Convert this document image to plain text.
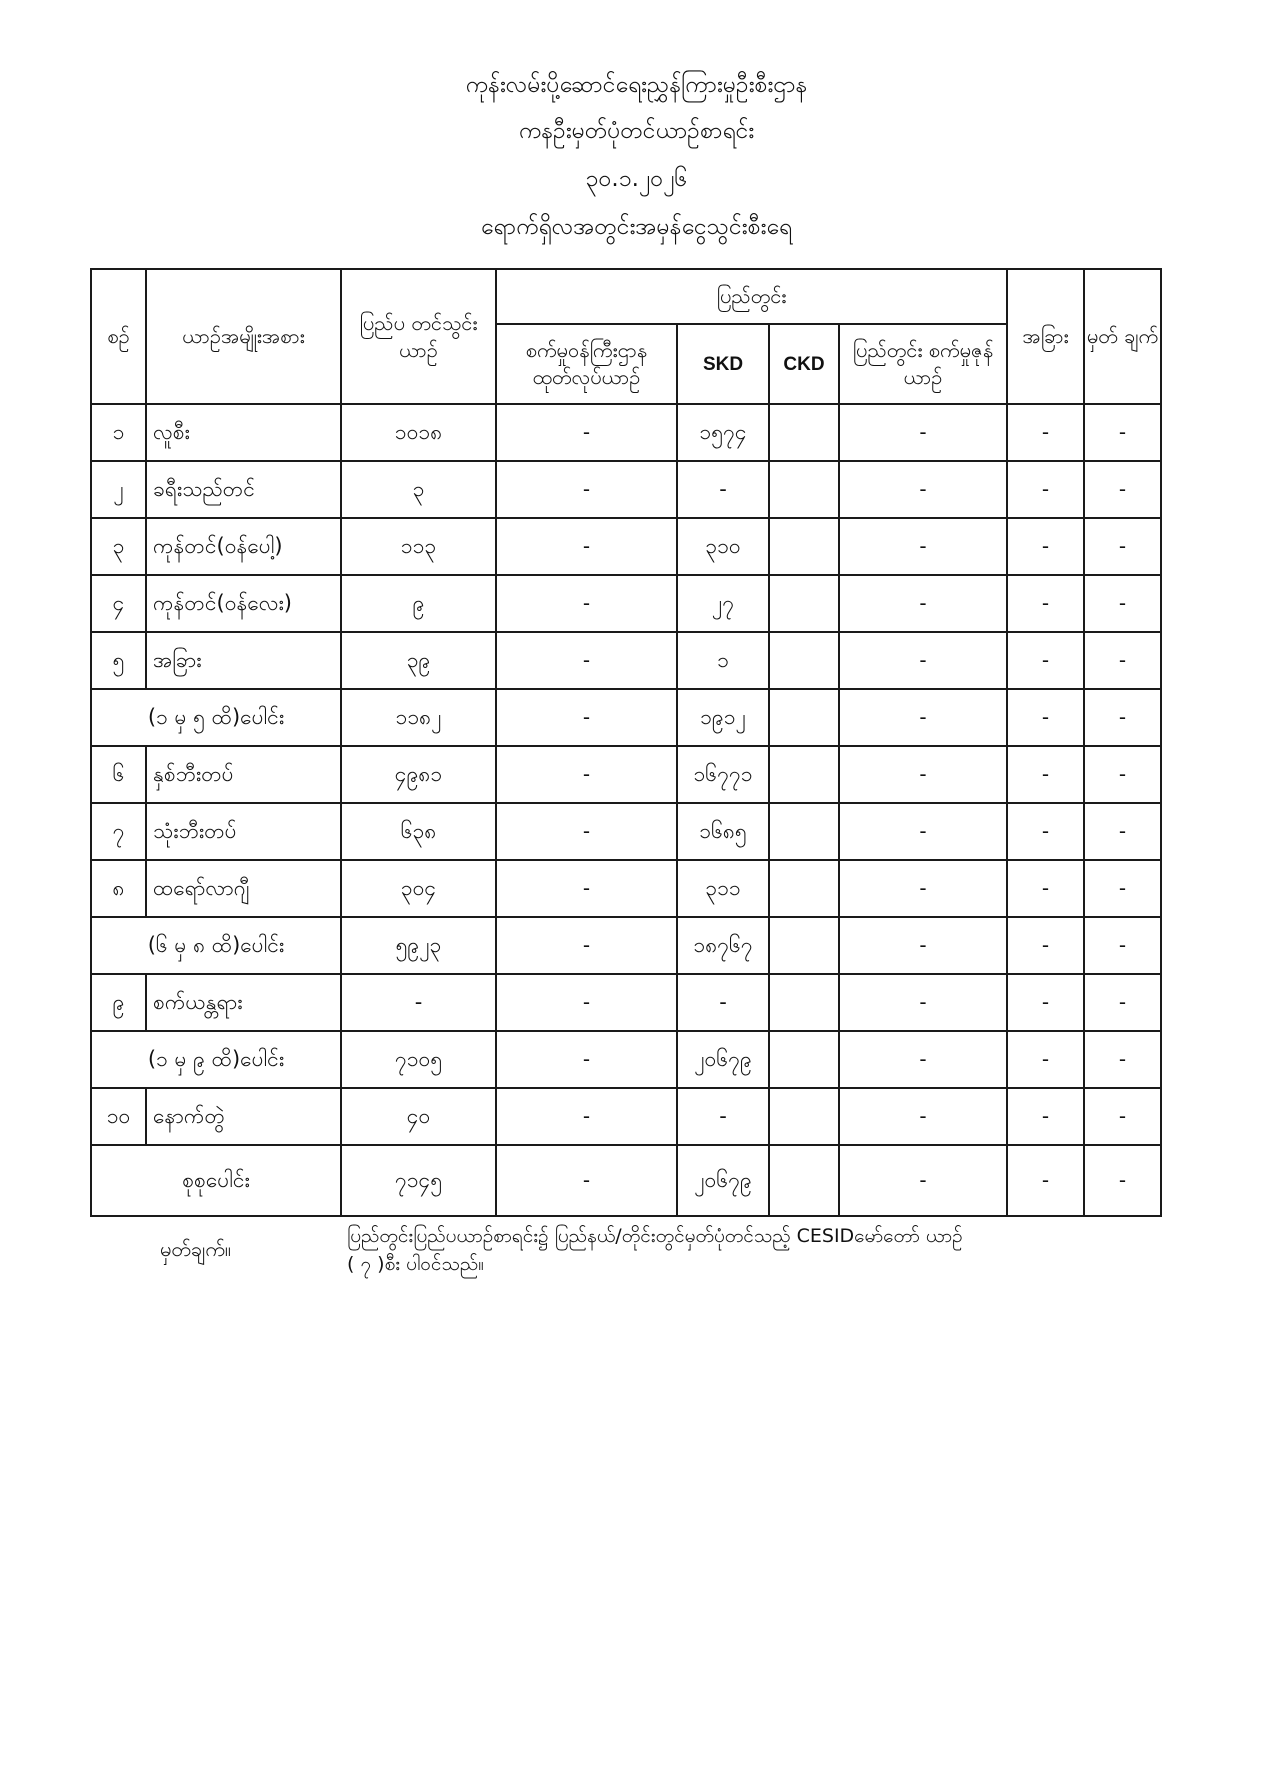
ကုန်းလမ်းပို့ဆောင်ရေးညွှန်ကြားမှုဦးစီးဌာန
ကနဦးမှတ်ပုံတင်ယာဉ်စာရင်း
၃၀.၁.၂၀၂၆
ရောက်ရှိလအတွင်းအမှန်ငွေသွင်းစီးရေ
စဉ်	ယာဉ်အမျိုးအစား	ပြည်ပ တင်သွင်းယာဉ်	ပြည်တွင်း				အခြား	မှတ် ချက်
			စက်မှုဝန်ကြီးဌာန ထုတ်လုပ်ယာဉ်	SKD	CKD	ပြည်တွင်း စက်မှုဇုန်ယာဉ်		
၁	လူစီး	၁၀၁၈	-	၁၅၇၄		-	-	-
၂	ခရီးသည်တင်	၃	-	-		-	-	-
၃	ကုန်တင်(ဝန်ပေါ့)	၁၁၃	-	၃၁၀		-	-	-
၄	ကုန်တင်(ဝန်လေး)	၉	-	၂၇		-	-	-
၅	အခြား	၃၉	-	၁		-	-	-
(၁ မှ ၅ ထိ)ပေါင်း		၁၁၈၂	-	၁၉၁၂		-	-	-
၆	နှစ်ဘီးတပ်	၄၉၈၁	-	၁၆၇၇၁		-	-	-
၇	သုံးဘီးတပ်	၆၃၈	-	၁၆၈၅		-	-	-
၈	ထရော်လာဂျီ	၃၀၄	-	၃၁၁		-	-	-
(၆ မှ ၈ ထိ)ပေါင်း		၅၉၂၃	-	၁၈၇၆၇		-	-	-
၉	စက်ယန္တရား	-	-	-		-	-	-
(၁ မှ ၉ ထိ)ပေါင်း		၇၁၀၅	-	၂၀၆၇၉		-	-	-
၁၀	နောက်တွဲ	၄၀	-	-		-	-	-
စုစုပေါင်း		၇၁၄၅	-	၂၀၆၇၉		-	-	-
မှတ်ချက်။
ပြည်တွင်းပြည်ပယာဉ်စာရင်း၌ ပြည်နယ်/တိုင်းတွင်မှတ်ပုံတင်သည့် CESIDမော်တော် ယာဉ်
( ၇ )စီး ပါဝင်သည်။
